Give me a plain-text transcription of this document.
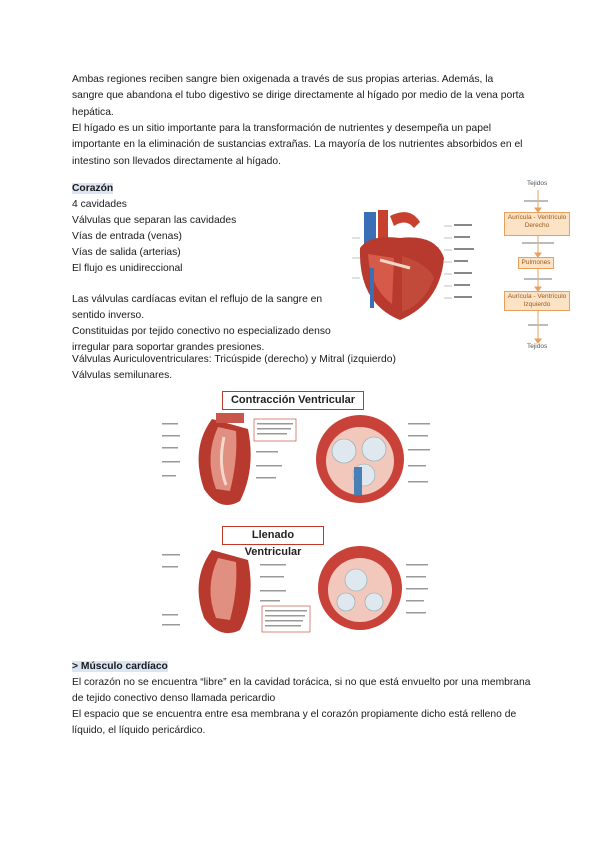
Ambas regiones reciben sangre bien oxigenada a través de sus propias arterias. Además, la sangre que abandona el tubo digestivo se dirige directamente al hígado por medio de la vena porta hepática.

El hígado es un sitio importante para la transformación de nutrientes y desempeña un papel importante en la eliminación de sustancias extrañas. La mayoría de los nutrientes absorbidos en el intestino son llevados directamente al hígado.

Corazón

4 cavidades

Válvulas que separan las cavidades

Vías de entrada (venas)

Vías de salida (arterias)

El flujo es unidireccional

Las válvulas cardíacas evitan el reflujo de la sangre en sentido inverso.

Constituidas por tejido conectivo no especializado denso irregular para soportar grandes presiones.

Válvulas Auriculoventriculares: Tricúspide (derecho) y Mitral (izquierdo)

Válvulas semilunares.

Tejidos
Aurícula - Ventrículo Derecho
Pulmones
Aurícula - Ventrículo Izquierdo
Tejidos
Contracción Ventricular
Llenado Ventricular

> Músculo cardíaco

El corazón no se encuentra “libre” en la cavidad torácica, si no que está envuelto por una membrana de tejido conectivo denso llamada pericardio

El espacio que se encuentra entre esa membrana y el corazón propiamente dicho está relleno de líquido, el líquido pericárdico.
